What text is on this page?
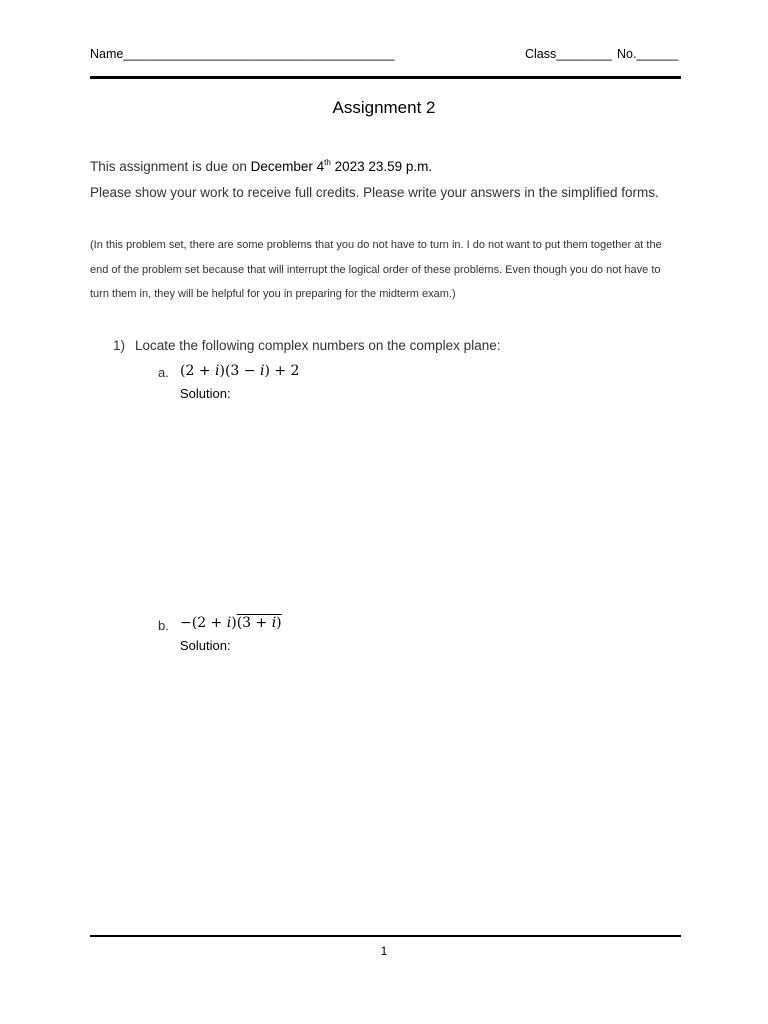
Name_______________________________________	Class________ No.______
Assignment 2
This assignment is due on December 4th 2023 23.59 p.m.
Please show your work to receive full credits. Please write your answers in the simplified forms.
(In this problem set, there are some problems that you do not have to turn in. I do not want to put them together at the end of the problem set because that will interrupt the logical order of these problems. Even though you do not have to turn them in, they will be helpful for you in preparing for the midterm exam.)
1) Locate the following complex numbers on the complex plane:
a. (2 + i)(3 − i) + 2
Solution:
b. −(2 + i)(3 + i)
Solution:
1
